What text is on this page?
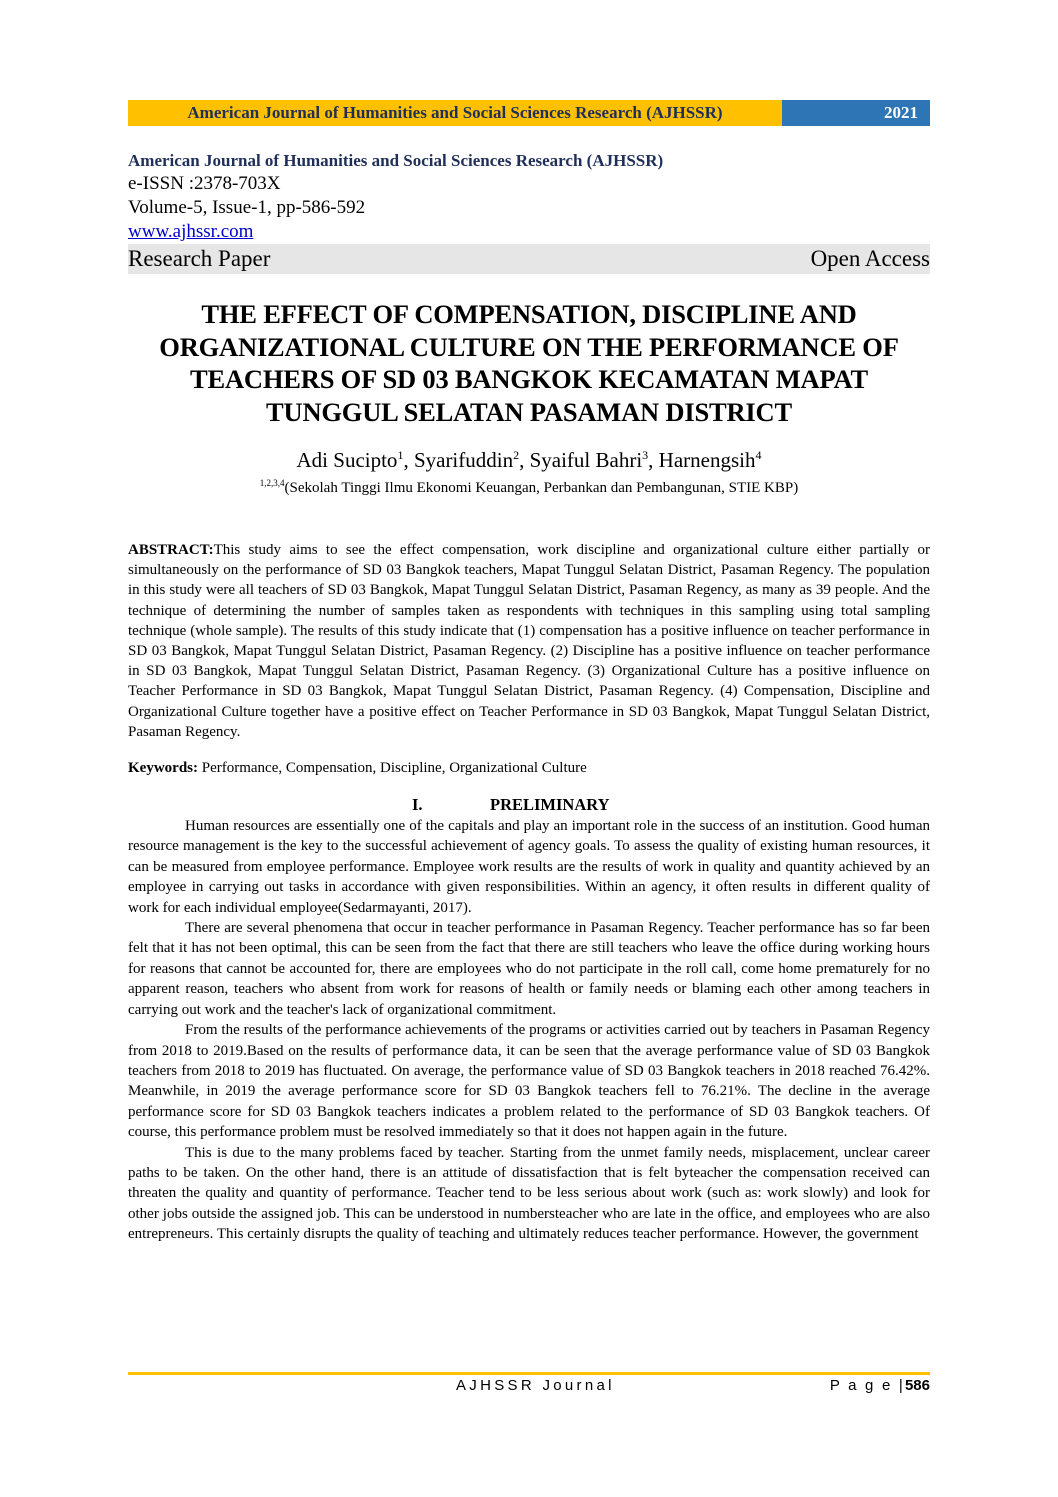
American Journal of Humanities and Social Sciences Research (AJHSSR)	2021
American Journal of Humanities and Social Sciences Research (AJHSSR)
e-ISSN :2378-703X
Volume-5, Issue-1, pp-586-592
www.ajhssr.com
Research Paper	Open Access
THE EFFECT OF COMPENSATION, DISCIPLINE AND ORGANIZATIONAL CULTURE ON THE PERFORMANCE OF TEACHERS OF SD 03 BANGKOK KECAMATAN MAPAT TUNGGUL SELATAN PASAMAN DISTRICT
Adi Sucipto$^1$, Syarifuddin$^2$, Syaiful Bahri$^3$, Harnengsih$^4$
$^{1,2,3,4}$(Sekolah Tinggi Ilmu Ekonomi Keuangan, Perbankan dan Pembangunan, STIE KBP)
ABSTRACT:This study aims to see the effect compensation, work discipline and organizational culture either partially or simultaneously on the performance of SD 03 Bangkok teachers, Mapat Tunggul Selatan District, Pasaman Regency. The population in this study were all teachers of SD 03 Bangkok, Mapat Tunggul Selatan District, Pasaman Regency, as many as 39 people. And the technique of determining the number of samples taken as respondents with techniques in this sampling using total sampling technique (whole sample). The results of this study indicate that (1) compensation has a positive influence on teacher performance in SD 03 Bangkok, Mapat Tunggul Selatan District, Pasaman Regency. (2) Discipline has a positive influence on teacher performance in SD 03 Bangkok, Mapat Tunggul Selatan District, Pasaman Regency. (3) Organizational Culture has a positive influence on Teacher Performance in SD 03 Bangkok, Mapat Tunggul Selatan District, Pasaman Regency. (4) Compensation, Discipline and Organizational Culture together have a positive effect on Teacher Performance in SD 03 Bangkok, Mapat Tunggul Selatan District, Pasaman Regency.
Keywords: Performance, Compensation, Discipline, Organizational Culture
I.	PRELIMINARY

Human resources are essentially one of the capitals and play an important role in the success of an institution. Good human resource management is the key to the successful achievement of agency goals. To assess the quality of existing human resources, it can be measured from employee performance. Employee work results are the results of work in quality and quantity achieved by an employee in carrying out tasks in accordance with given responsibilities. Within an agency, it often results in different quality of work for each individual employee(Sedarmayanti, 2017).

There are several phenomena that occur in teacher performance in Pasaman Regency. Teacher performance has so far been felt that it has not been optimal, this can be seen from the fact that there are still teachers who leave the office during working hours for reasons that cannot be accounted for, there are employees who do not participate in the roll call, come home prematurely for no apparent reason, teachers who absent from work for reasons of health or family needs or blaming each other among teachers in carrying out work and the teacher's lack of organizational commitment.

From the results of the performance achievements of the programs or activities carried out by teachers in Pasaman Regency from 2018 to 2019.Based on the results of performance data, it can be seen that the average performance value of SD 03 Bangkok teachers from 2018 to 2019 has fluctuated. On average, the performance value of SD 03 Bangkok teachers in 2018 reached 76.42%. Meanwhile, in 2019 the average performance score for SD 03 Bangkok teachers fell to 76.21%. The decline in the average performance score for SD 03 Bangkok teachers indicates a problem related to the performance of SD 03 Bangkok teachers. Of course, this performance problem must be resolved immediately so that it does not happen again in the future.

This is due to the many problems faced by teacher. Starting from the unmet family needs, misplacement, unclear career paths to be taken. On the other hand, there is an attitude of dissatisfaction that is felt byteacher the compensation received can threaten the quality and quantity of performance. Teacher tend to be less serious about work (such as: work slowly) and look for other jobs outside the assigned job. This can be understood in numbersteacher who are late in the office, and employees who are also entrepreneurs. This certainly disrupts the quality of teaching and ultimately reduces teacher performance. However, the government

AJHSSR Journal	P a g e |586
